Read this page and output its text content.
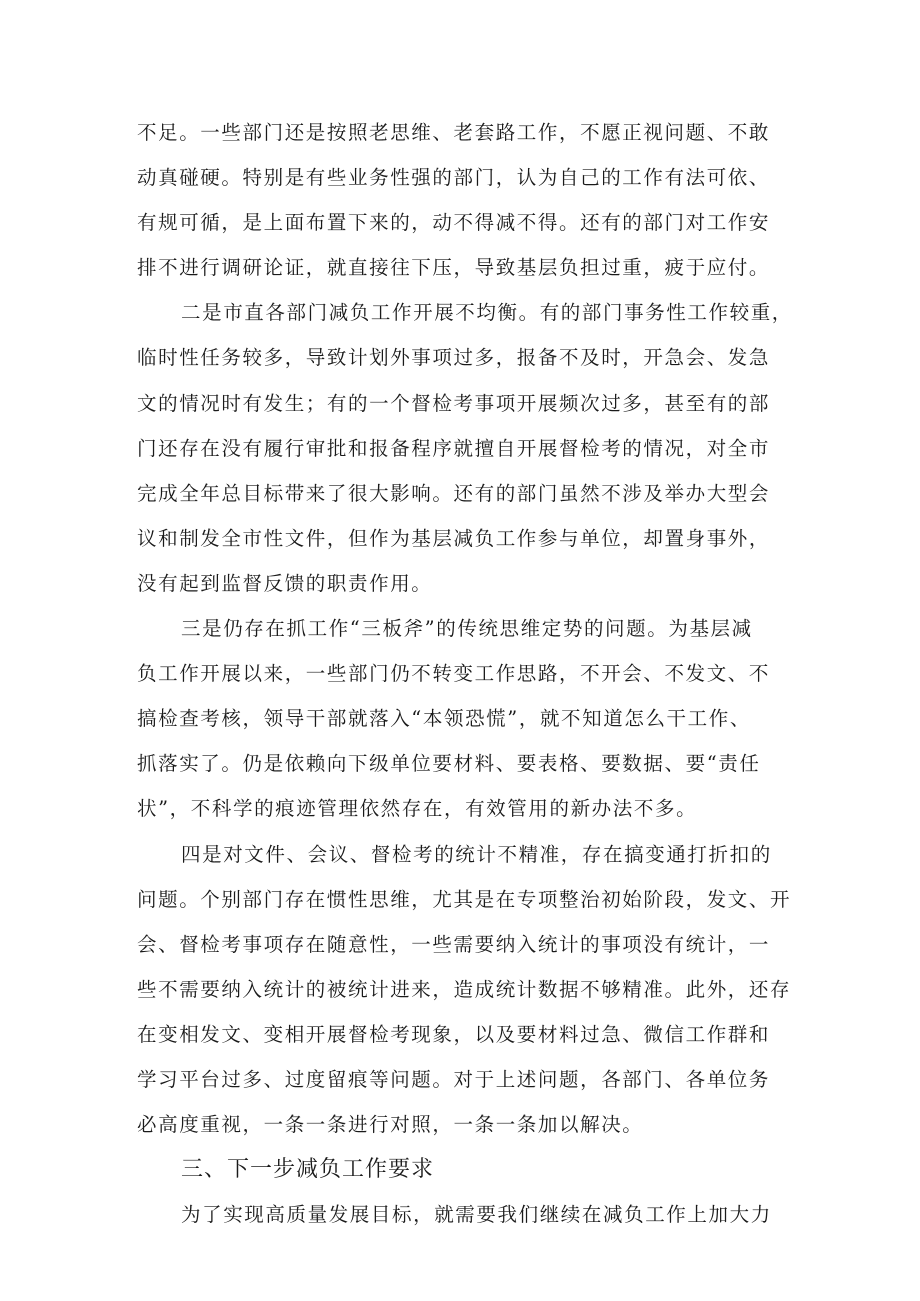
不足。一些部门还是按照老思维、老套路工作，不愿正视问题、不敢
动真碰硬。特别是有些业务性强的部门，认为自己的工作有法可依、
有规可循，是上面布置下来的，动不得减不得。还有的部门对工作安
排不进行调研论证，就直接往下压，导致基层负担过重，疲于应付。
二是市直各部门减负工作开展不均衡。有的部门事务性工作较重，
临时性任务较多，导致计划外事项过多，报备不及时，开急会、发急
文的情况时有发生；有的一个督检考事项开展频次过多，甚至有的部
门还存在没有履行审批和报备程序就擅自开展督检考的情况，对全市
完成全年总目标带来了很大影响。还有的部门虽然不涉及举办大型会
议和制发全市性文件，但作为基层减负工作参与单位，却置身事外，
没有起到监督反馈的职责作用。
三是仍存在抓工作“三板斧”的传统思维定势的问题。为基层减
负工作开展以来，一些部门仍不转变工作思路，不开会、不发文、不
搞检查考核，领导干部就落入“本领恐慌”，就不知道怎么干工作、
抓落实了。仍是依赖向下级单位要材料、要表格、要数据、要“责任
状”，不科学的痕迹管理依然存在，有效管用的新办法不多。
四是对文件、会议、督检考的统计不精准，存在搞变通打折扣的
问题。个别部门存在惯性思维，尤其是在专项整治初始阶段，发文、开
会、督检考事项存在随意性，一些需要纳入统计的事项没有统计，一
些不需要纳入统计的被统计进来，造成统计数据不够精准。此外，还存
在变相发文、变相开展督检考现象，以及要材料过急、微信工作群和
学习平台过多、过度留痕等问题。对于上述问题，各部门、各单位务
必高度重视，一条一条进行对照，一条一条加以解决。
三、下一步减负工作要求
为了实现高质量发展目标，就需要我们继续在减负工作上加大力
